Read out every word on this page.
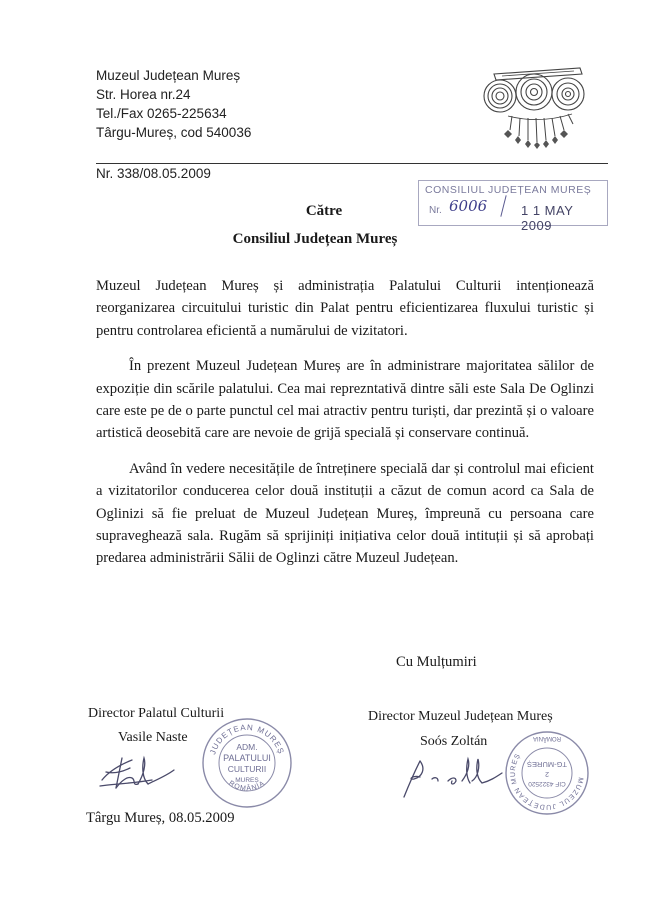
Muzeul Județean Mureș
Str. Horea nr.24
Tel./Fax 0265-225634
Târgu-Mureș, cod 540036
Nr. 338/08.05.2009
CONSILIUL JUDEȚEAN MUREȘ
Nr. 6006	1 1 MAY 2009
Către
Consiliul Județean Mureș

Muzeul Județean Mureș și administrația Palatului Culturii intenționează reorganizarea circuitului turistic din Palat pentru eficientizarea fluxului turistic și pentru controlarea eficientă a numărului de vizitatori.

În prezent Muzeul Județean Mureș are în administrare majoritatea sălilor de expoziție din scările palatului. Cea mai reprezntativă dintre săli este Sala De Oglinzi care este pe de o parte punctul cel mai atractiv pentru turiști, dar prezintă și o valoare artistică deosebită care are nevoie de grijă specială și conservare continuă.

Având în vedere necesitățile de întreținere specială dar și controlul mai eficient a vizitatorilor conducerea celor două instituții a căzut de comun acord ca Sala de Oglinizi să fie preluat de Muzeul Județean Mureș, împreună cu persoana care supraveghează sala. Rugăm să sprijiniți inițiativa celor două intituții și să aprobați predarea administrării Sălii de Oglinzi către Muzeul Județean.

Cu Mulțumiri
Director Palatul Culturii
Vasile Naste
JUDEȚEAN MUREȘ
ROMÂNIA
ADM.
PALATULUI
CULTURII
MUREȘ
Director Muzeul Județean Mureș
Soós Zoltán
MUZEUL JUDEȚEAN MUREȘ
CIF 4322520
2
TG-MUREȘ
ROMÂNIA
Târgu Mureș, 08.05.2009
